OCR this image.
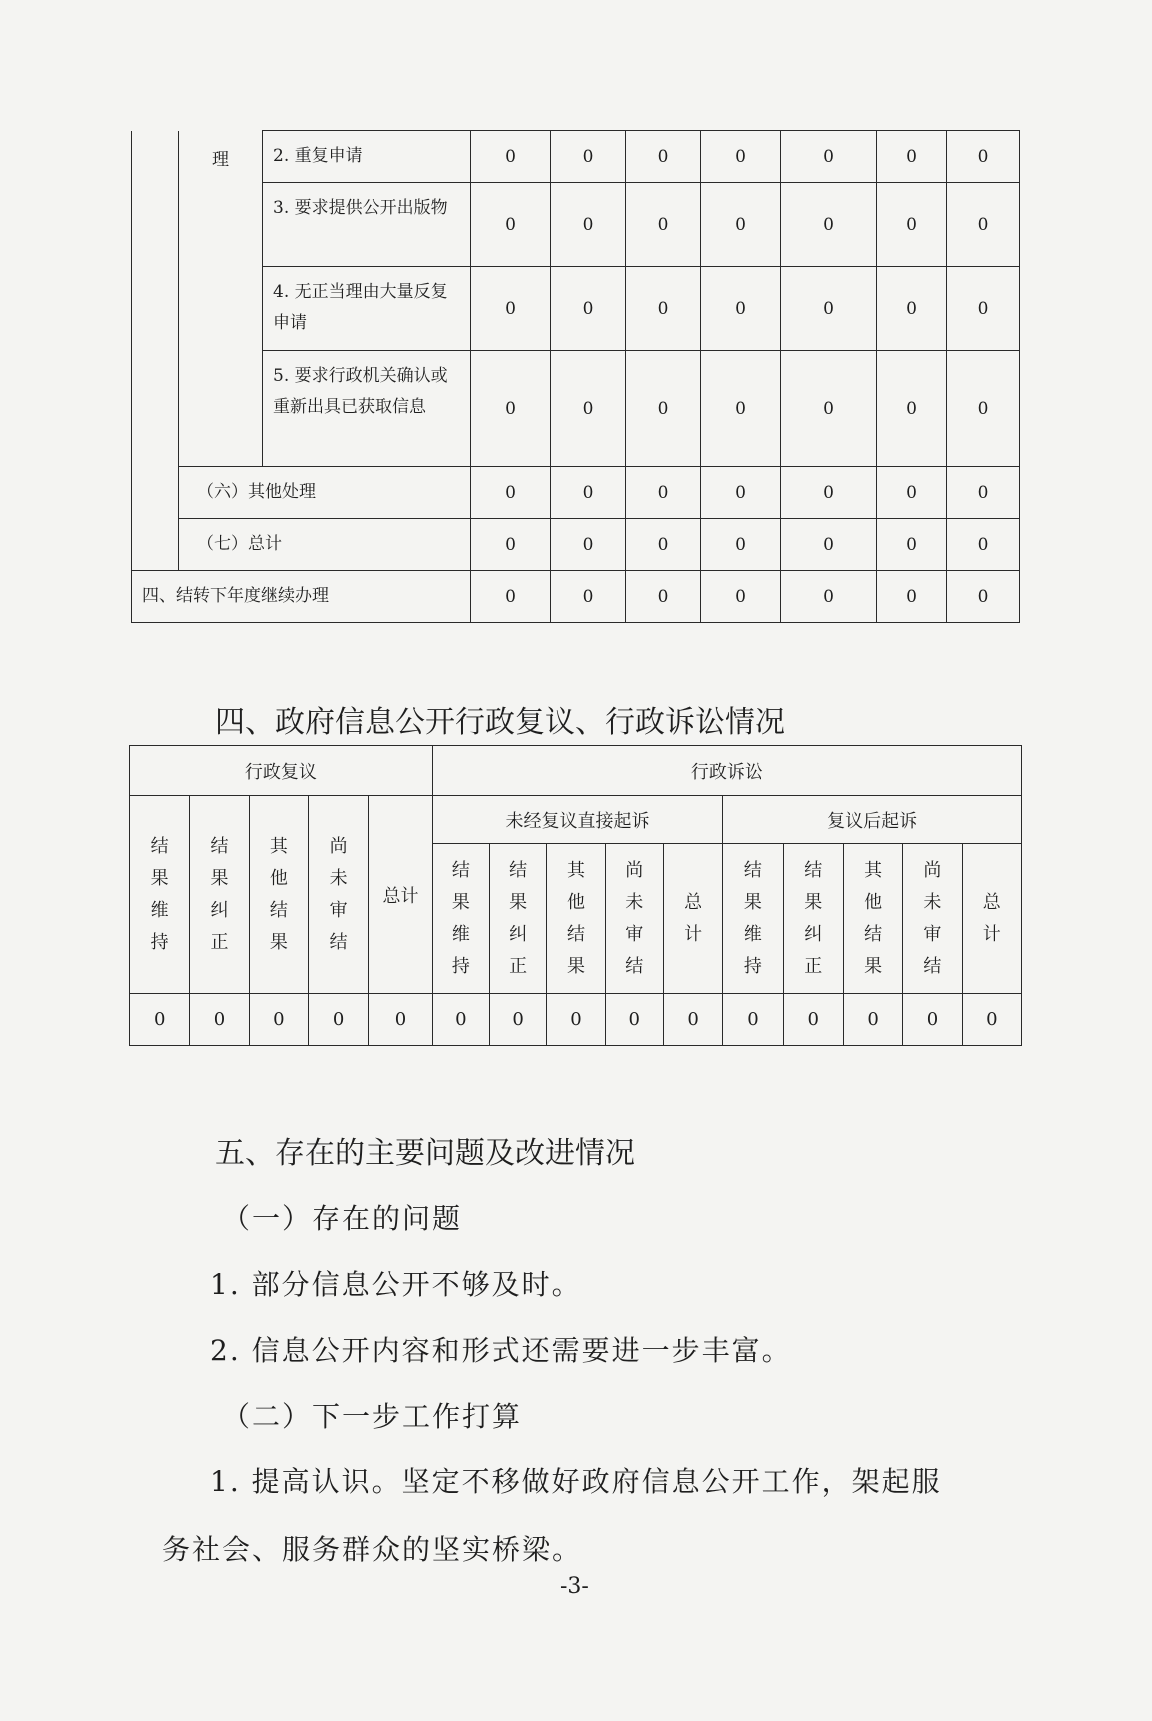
	理	2. 重复申请	0	0	0	0	0	0	0
		3. 要求提供公开出版物	0	0	0	0	0	0	0
		4. 无正当理由大量反复申请	0	0	0	0	0	0	0
		5. 要求行政机关确认或重新出具已获取信息	0	0	0	0	0	0	0
	（六）其他处理		0	0	0	0	0	0	0
	（七）总计		0	0	0	0	0	0	0
四、结转下年度继续办理			0	0	0	0	0	0	0
四、政府信息公开行政复议、行政诉讼情况
行政复议					行政诉讼									
结果维持	结果纠正	其他结果	尚未审结	总计	未经复议直接起诉					复议后起诉				
					结果维持	结果纠正	其他结果	尚未审结	总计	结果维持	结果纠正	其他结果	尚未审结	总计
0	0	0	0	0	0	0	0	0	0	0	0	0	0	0
五、存在的主要问题及改进情况
（一）存在的问题
1. 部分信息公开不够及时。
2. 信息公开内容和形式还需要进一步丰富。
（二）下一步工作打算
1. 提高认识。坚定不移做好政府信息公开工作，架起服
务社会、服务群众的坚实桥梁。
-3-
